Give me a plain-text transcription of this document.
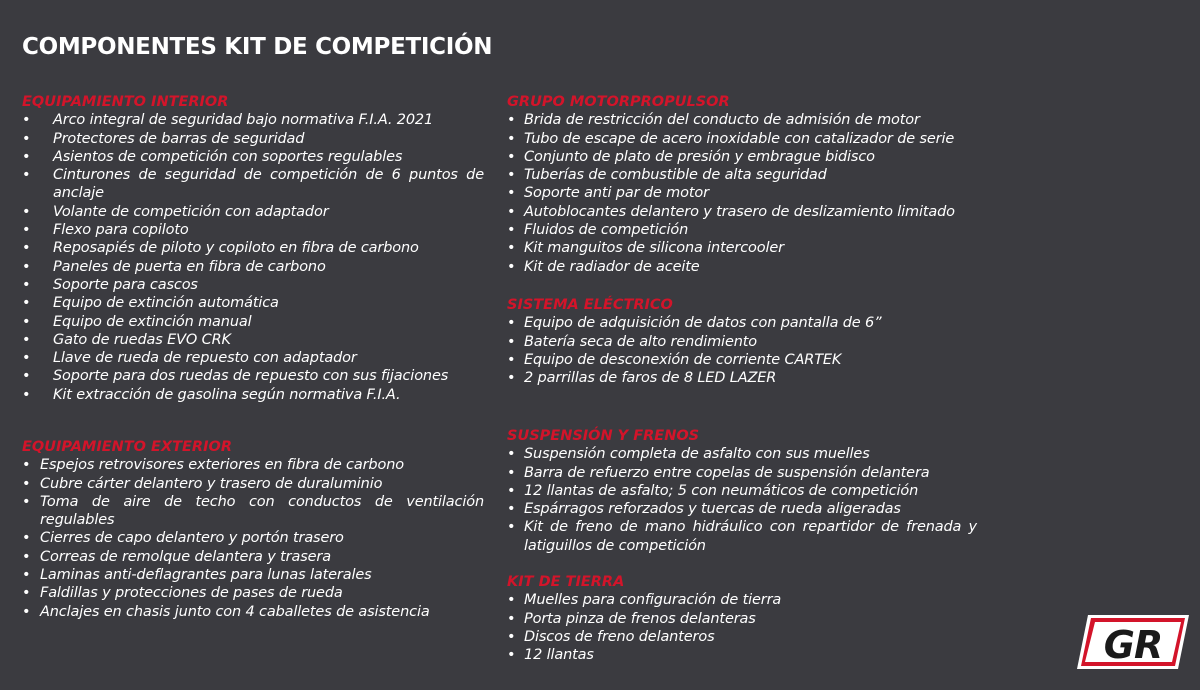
COMPONENTES KIT DE COMPETICIÓN
EQUIPAMIENTO INTERIOR
• Arco integral de seguridad bajo normativa F.I.A. 2021
• Protectores de barras de seguridad
• Asientos de competición con soportes regulables
• Cinturones de seguridad de competición de 6 puntos de anclaje
• Volante de competición con adaptador
• Flexo para copiloto
• Reposapiés de piloto y copiloto en fibra de carbono
• Paneles de puerta en fibra de carbono
• Soporte para cascos
• Equipo de extinción automática
• Equipo de extinción manual
• Gato de ruedas EVO CRK
• Llave de rueda de repuesto con adaptador
• Soporte para dos ruedas de repuesto con sus fijaciones
• Kit extracción de gasolina según normativa F.I.A.
EQUIPAMIENTO EXTERIOR
• Espejos retrovisores exteriores en fibra de carbono
• Cubre cárter delantero y trasero de duraluminio
• Toma de aire de techo con conductos de ventilación regulables
• Cierres de capo delantero y portón trasero
• Correas de remolque delantera y trasera
• Laminas anti-deflagrantes para lunas laterales
• Faldillas y protecciones de pases de rueda
• Anclajes en chasis junto con 4 caballetes de asistencia
GRUPO MOTORPROPULSOR
• Brida de restricción del conducto de admisión de motor
• Tubo de escape de acero inoxidable con catalizador de serie
• Conjunto de plato de presión y embrague bidisco
• Tuberías de combustible de alta seguridad
• Soporte anti par de motor
• Autoblocantes delantero y trasero de deslizamiento limitado
• Fluidos de competición
• Kit manguitos de silicona intercooler
• Kit de radiador de aceite
SISTEMA ELÉCTRICO
• Equipo de adquisición de datos con pantalla de 6”
• Batería seca de alto rendimiento
• Equipo de desconexión de corriente CARTEK
• 2 parrillas de faros de 8 LED LAZER
SUSPENSIÓN Y FRENOS
• Suspensión completa de asfalto con sus muelles
• Barra de refuerzo entre copelas de suspensión delantera
• 12 llantas de asfalto; 5 con neumáticos de competición
• Espárragos reforzados y tuercas de rueda aligeradas
• Kit de freno de mano hidráulico con repartidor de frenada y latiguillos de competición
KIT DE TIERRA
• Muelles para configuración de tierra
• Porta pinza de frenos delanteras
• Discos de freno delanteros
• 12 llantas	GR
